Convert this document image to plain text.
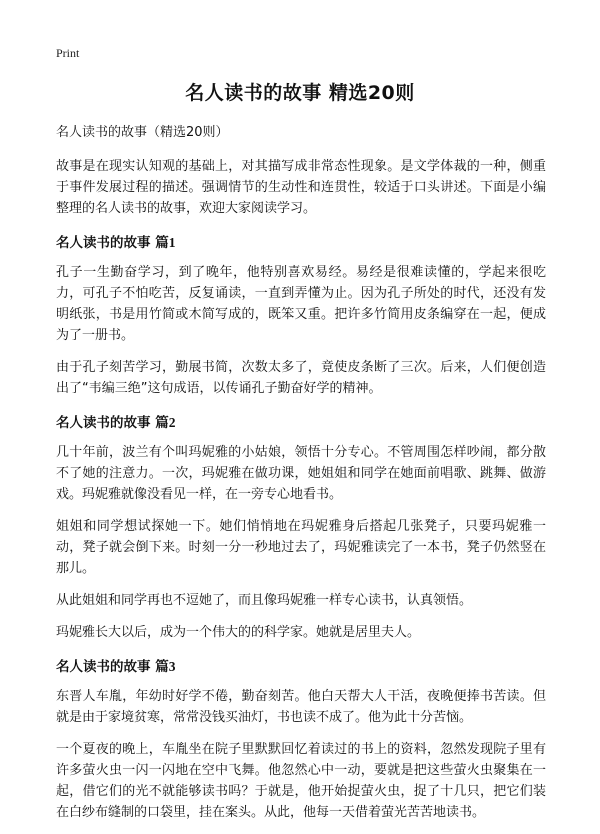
Print
名人读书的故事 精选20则

名人读书的故事（精选20则）

故事是在现实认知观的基础上，对其描写成非常态性现象。是文学体裁的一种，侧重于事件发展过程的描述。强调情节的生动性和连贯性，较适于口头讲述。下面是小编整理的名人读书的故事，欢迎大家阅读学习。

名人读书的故事 篇1

孔子一生勤奋学习，到了晚年，他特别喜欢易经。易经是很难读懂的，学起来很吃力，可孔子不怕吃苦，反复诵读，一直到弄懂为止。因为孔子所处的时代，还没有发明纸张，书是用竹简或木简写成的，既笨又重。把许多竹简用皮条编穿在一起，便成为了一册书。

由于孔子刻苦学习，勤展书简，次数太多了，竟使皮条断了三次。后来，人们便创造出了“韦编三绝”这句成语，以传诵孔子勤奋好学的精神。

名人读书的故事 篇2

几十年前，波兰有个叫玛妮雅的小姑娘，领悟十分专心。不管周围怎样吵闹，都分散不了她的注意力。一次，玛妮雅在做功课，她姐姐和同学在她面前唱歌、跳舞、做游戏。玛妮雅就像没看见一样，在一旁专心地看书。

姐姐和同学想试探她一下。她们悄悄地在玛妮雅身后搭起几张凳子，只要玛妮雅一动，凳子就会倒下来。时刻一分一秒地过去了，玛妮雅读完了一本书，凳子仍然竖在那儿。

从此姐姐和同学再也不逗她了，而且像玛妮雅一样专心读书，认真领悟。

玛妮雅长大以后，成为一个伟大的的科学家。她就是居里夫人。

名人读书的故事 篇3

东晋人车胤，年幼时好学不倦，勤奋刻苦。他白天帮大人干活，夜晚便捧书苦读。但就是由于家境贫寒，常常没钱买油灯，书也读不成了。他为此十分苦恼。

一个夏夜的晚上，车胤坐在院子里默默回忆着读过的书上的资料，忽然发现院子里有许多萤火虫一闪一闪地在空中飞舞。他忽然心中一动，要就是把这些萤火虫聚集在一起，借它们的光不就能够读书吗？于就是，他开始捉萤火虫，捉了十几只，把它们装在白纱布缝制的口袋里，挂在案头。从此，他每一天借着萤光苦苦地读书。
